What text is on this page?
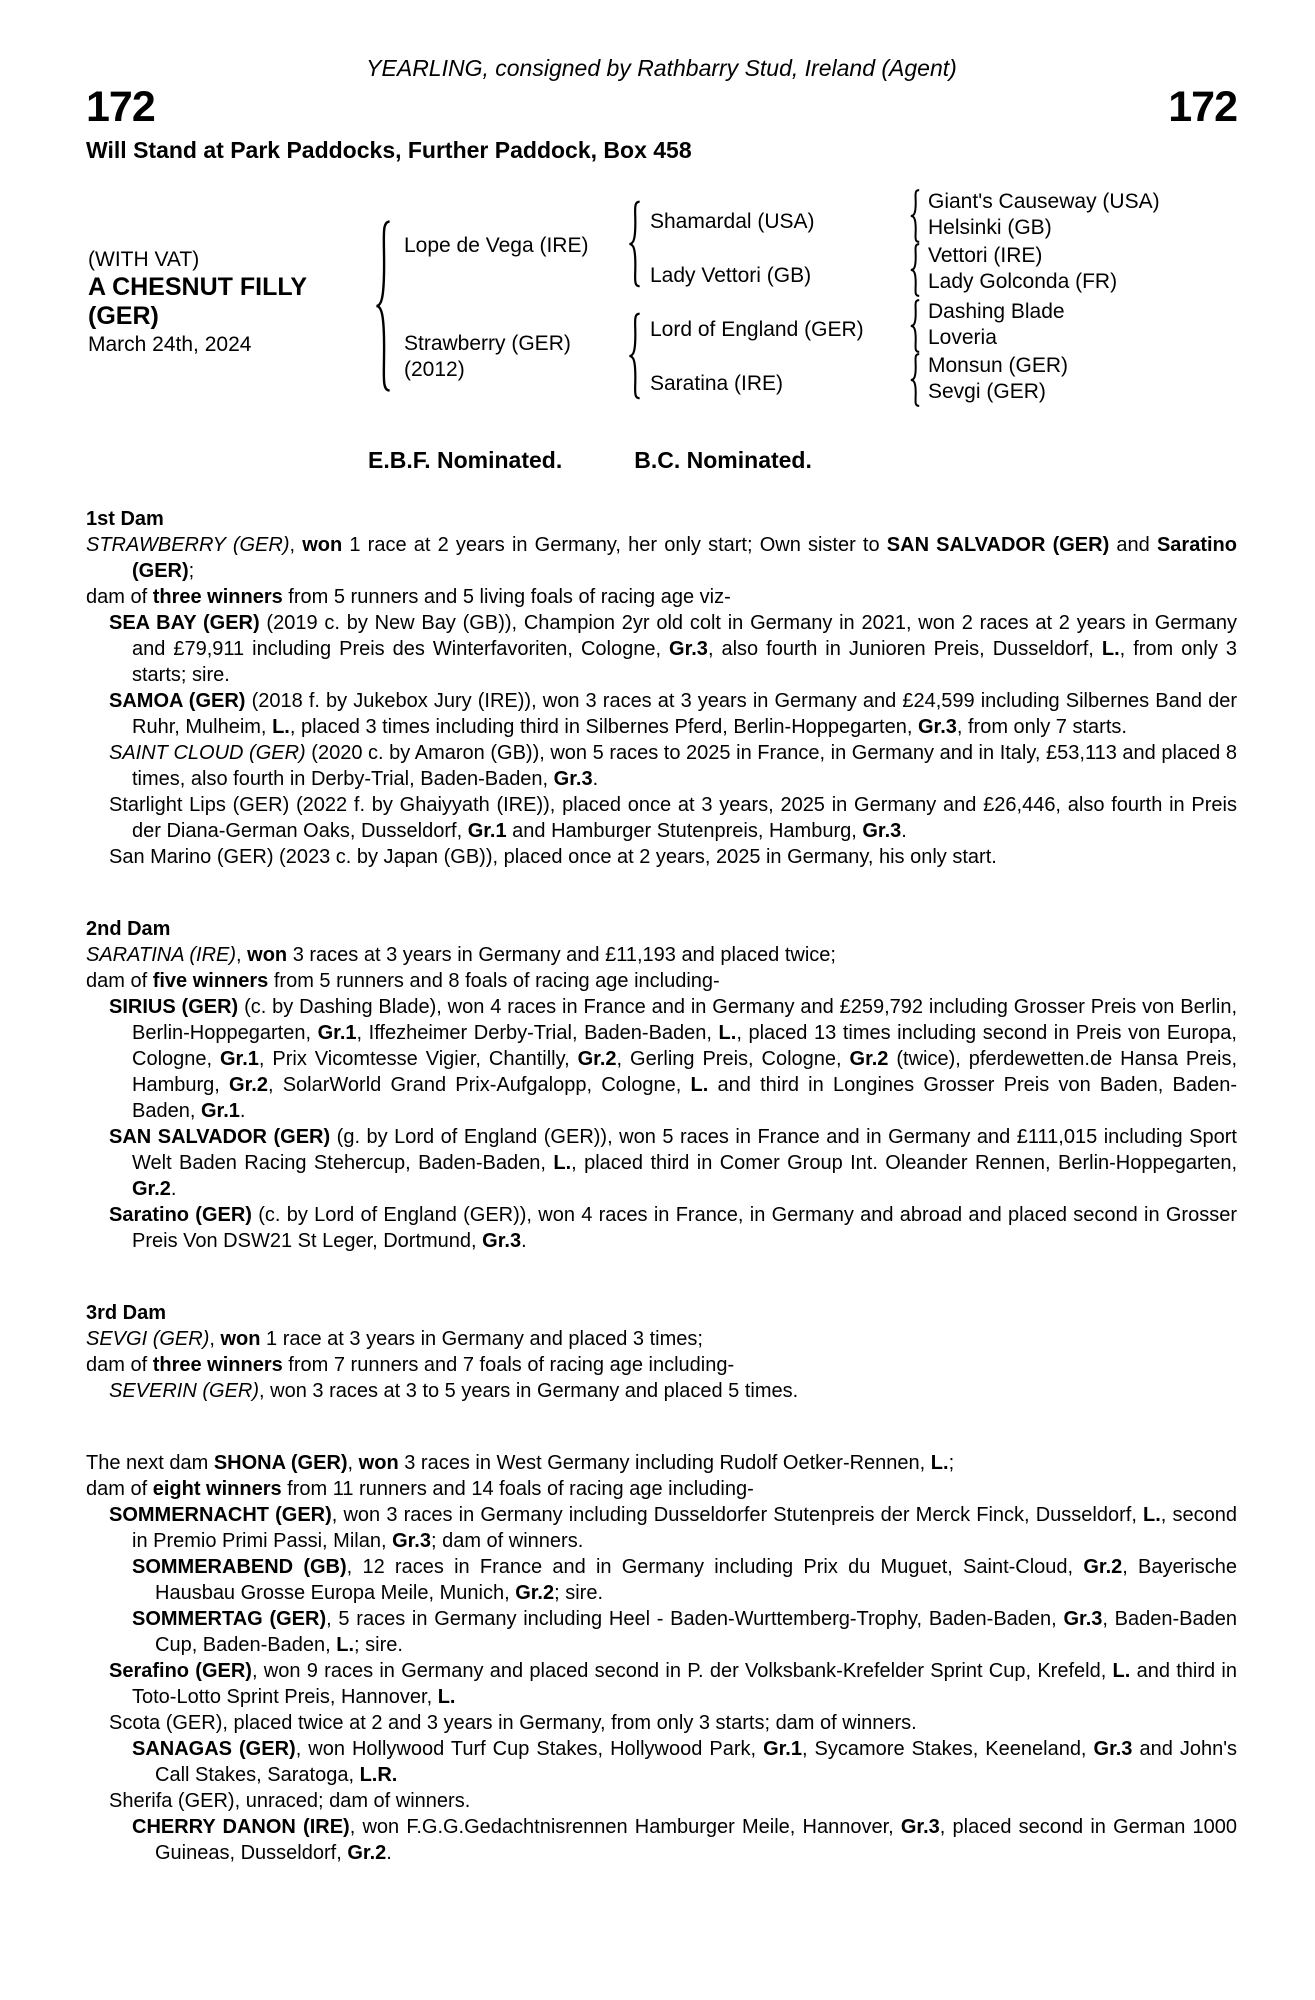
YEARLING, consigned by Rathbarry Stud, Ireland (Agent)
172	172
Will Stand at Park Paddocks, Further Paddock, Box 458
(WITH VAT)
A CHESNUT FILLY
(GER)
March 24th, 2024
Lope de Vega (IRE)
Strawberry (GER)
(2012)
Shamardal (USA)
Lady Vettori (GB)
Lord of England (GER)
Saratina (IRE)
Giant's Causeway (USA)
Helsinki (GB)
Vettori (IRE)
Lady Golconda (FR)
Dashing Blade
Loveria
Monsun (GER)
Sevgi (GER)
E.B.F. Nominated.	B.C. Nominated.
1st Dam

STRAWBERRY (GER), won 1 race at 2 years in Germany, her only start; Own sister to SAN SALVADOR (GER) and Saratino (GER);

dam of three winners from 5 runners and 5 living foals of racing age viz-

SEA BAY (GER) (2019 c. by New Bay (GB)), Champion 2yr old colt in Germany in 2021, won 2 races at 2 years in Germany and £79,911 including Preis des Winterfavoriten, Cologne, Gr.3, also fourth in Junioren Preis, Dusseldorf, L., from only 3 starts; sire.

SAMOA (GER) (2018 f. by Jukebox Jury (IRE)), won 3 races at 3 years in Germany and £24,599 including Silbernes Band der Ruhr, Mulheim, L., placed 3 times including third in Silbernes Pferd, Berlin-Hoppegarten, Gr.3, from only 7 starts.

SAINT CLOUD (GER) (2020 c. by Amaron (GB)), won 5 races to 2025 in France, in Germany and in Italy, £53,113 and placed 8 times, also fourth in Derby-Trial, Baden-Baden, Gr.3.

Starlight Lips (GER) (2022 f. by Ghaiyyath (IRE)), placed once at 3 years, 2025 in Germany and £26,446, also fourth in Preis der Diana-German Oaks, Dusseldorf, Gr.1 and Hamburger Stutenpreis, Hamburg, Gr.3.

San Marino (GER) (2023 c. by Japan (GB)), placed once at 2 years, 2025 in Germany, his only start.

2nd Dam

SARATINA (IRE), won 3 races at 3 years in Germany and £11,193 and placed twice;

dam of five winners from 5 runners and 8 foals of racing age including-

SIRIUS (GER) (c. by Dashing Blade), won 4 races in France and in Germany and £259,792 including Grosser Preis von Berlin, Berlin-Hoppegarten, Gr.1, Iffezheimer Derby-Trial, Baden-Baden, L., placed 13 times including second in Preis von Europa, Cologne, Gr.1, Prix Vicomtesse Vigier, Chantilly, Gr.2, Gerling Preis, Cologne, Gr.2 (twice), pferdewetten.de Hansa Preis, Hamburg, Gr.2, SolarWorld Grand Prix-Aufgalopp, Cologne, L. and third in Longines Grosser Preis von Baden, Baden-Baden, Gr.1.

SAN SALVADOR (GER) (g. by Lord of England (GER)), won 5 races in France and in Germany and £111,015 including Sport Welt Baden Racing Stehercup, Baden-Baden, L., placed third in Comer Group Int. Oleander Rennen, Berlin-Hoppegarten, Gr.2.

Saratino (GER) (c. by Lord of England (GER)), won 4 races in France, in Germany and abroad and placed second in Grosser Preis Von DSW21 St Leger, Dortmund, Gr.3.

3rd Dam

SEVGI (GER), won 1 race at 3 years in Germany and placed 3 times;

dam of three winners from 7 runners and 7 foals of racing age including-

SEVERIN (GER), won 3 races at 3 to 5 years in Germany and placed 5 times.

The next dam SHONA (GER), won 3 races in West Germany including Rudolf Oetker-Rennen, L.;

dam of eight winners from 11 runners and 14 foals of racing age including-

SOMMERNACHT (GER), won 3 races in Germany including Dusseldorfer Stutenpreis der Merck Finck, Dusseldorf, L., second in Premio Primi Passi, Milan, Gr.3; dam of winners.

SOMMERABEND (GB), 12 races in France and in Germany including Prix du Muguet, Saint-Cloud, Gr.2, Bayerische Hausbau Grosse Europa Meile, Munich, Gr.2; sire.

SOMMERTAG (GER), 5 races in Germany including Heel - Baden-Wurttemberg-Trophy, Baden-Baden, Gr.3, Baden-Baden Cup, Baden-Baden, L.; sire.

Serafino (GER), won 9 races in Germany and placed second in P. der Volksbank-Krefelder Sprint Cup, Krefeld, L. and third in Toto-Lotto Sprint Preis, Hannover, L.

Scota (GER), placed twice at 2 and 3 years in Germany, from only 3 starts; dam of winners.

SANAGAS (GER), won Hollywood Turf Cup Stakes, Hollywood Park, Gr.1, Sycamore Stakes, Keeneland, Gr.3 and John's Call Stakes, Saratoga, L.R.

Sherifa (GER), unraced; dam of winners.

CHERRY DANON (IRE), won F.G.G.Gedachtnisrennen Hamburger Meile, Hannover, Gr.3, placed second in German 1000 Guineas, Dusseldorf, Gr.2.
